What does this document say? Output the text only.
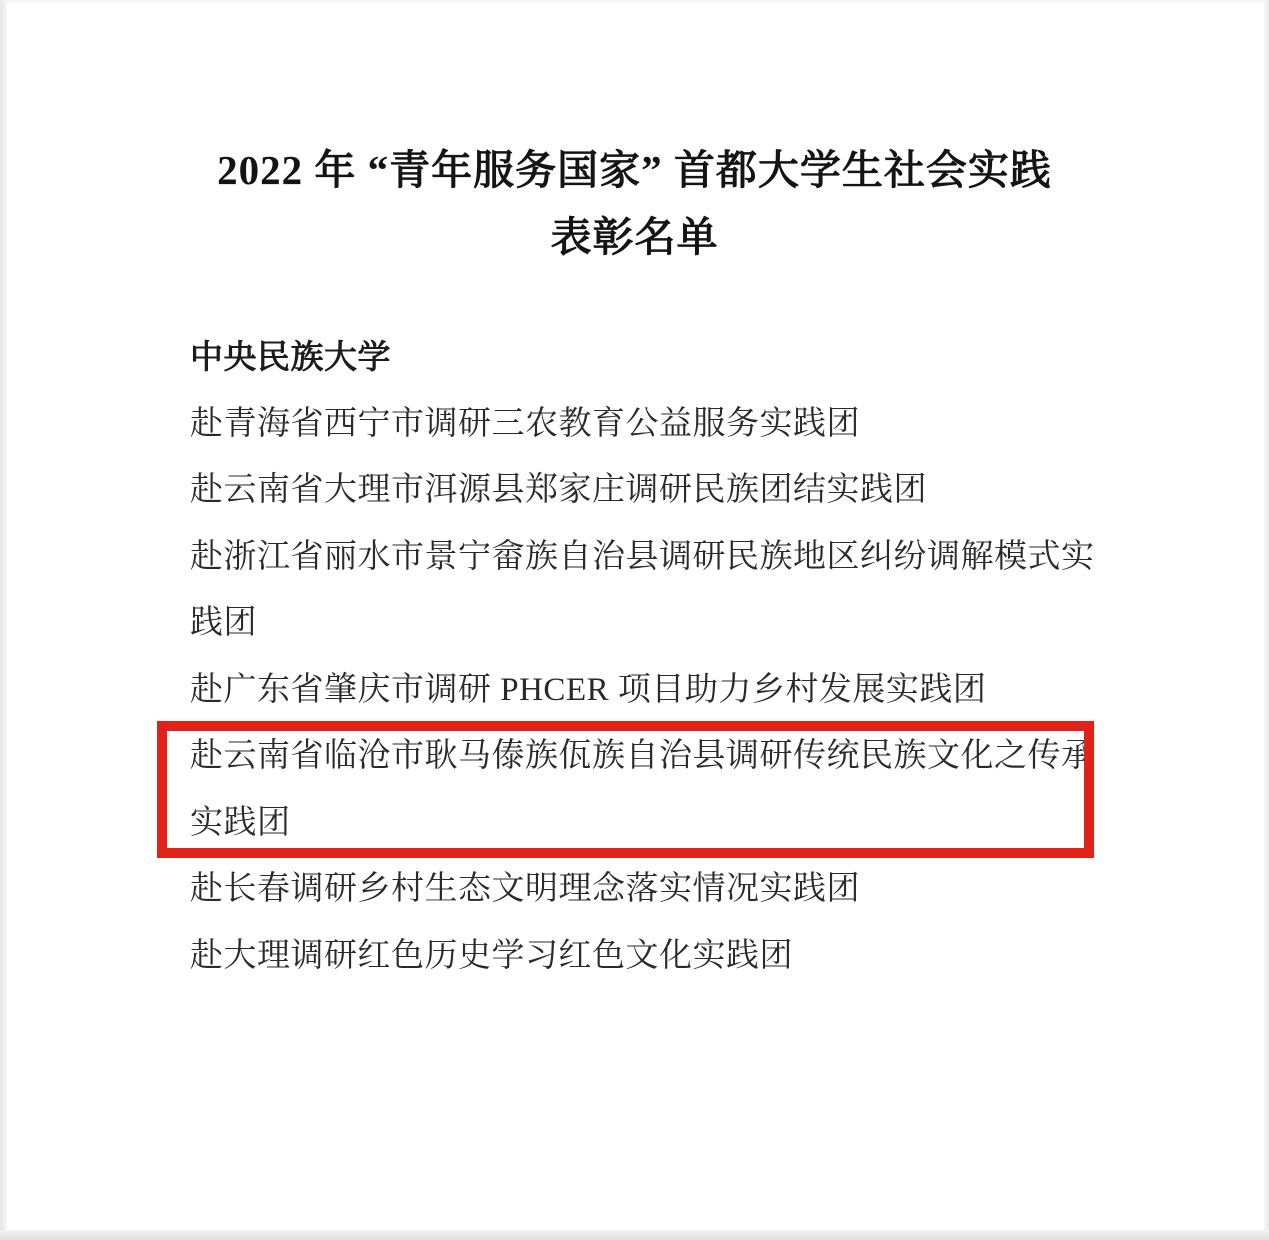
2022 年 “青年服务国家” 首都大学生社会实践
表彰名单
中央民族大学
赴青海省西宁市调研三农教育公益服务实践团
赴云南省大理市洱源县郑家庄调研民族团结实践团
赴浙江省丽水市景宁畲族自治县调研民族地区纠纷调解模式实
践团
赴广东省肇庆市调研 PHCER 项目助力乡村发展实践团
赴云南省临沧市耿马傣族佤族自治县调研传统民族文化之传承
实践团
赴长春调研乡村生态文明理念落实情况实践团
赴大理调研红色历史学习红色文化实践团
